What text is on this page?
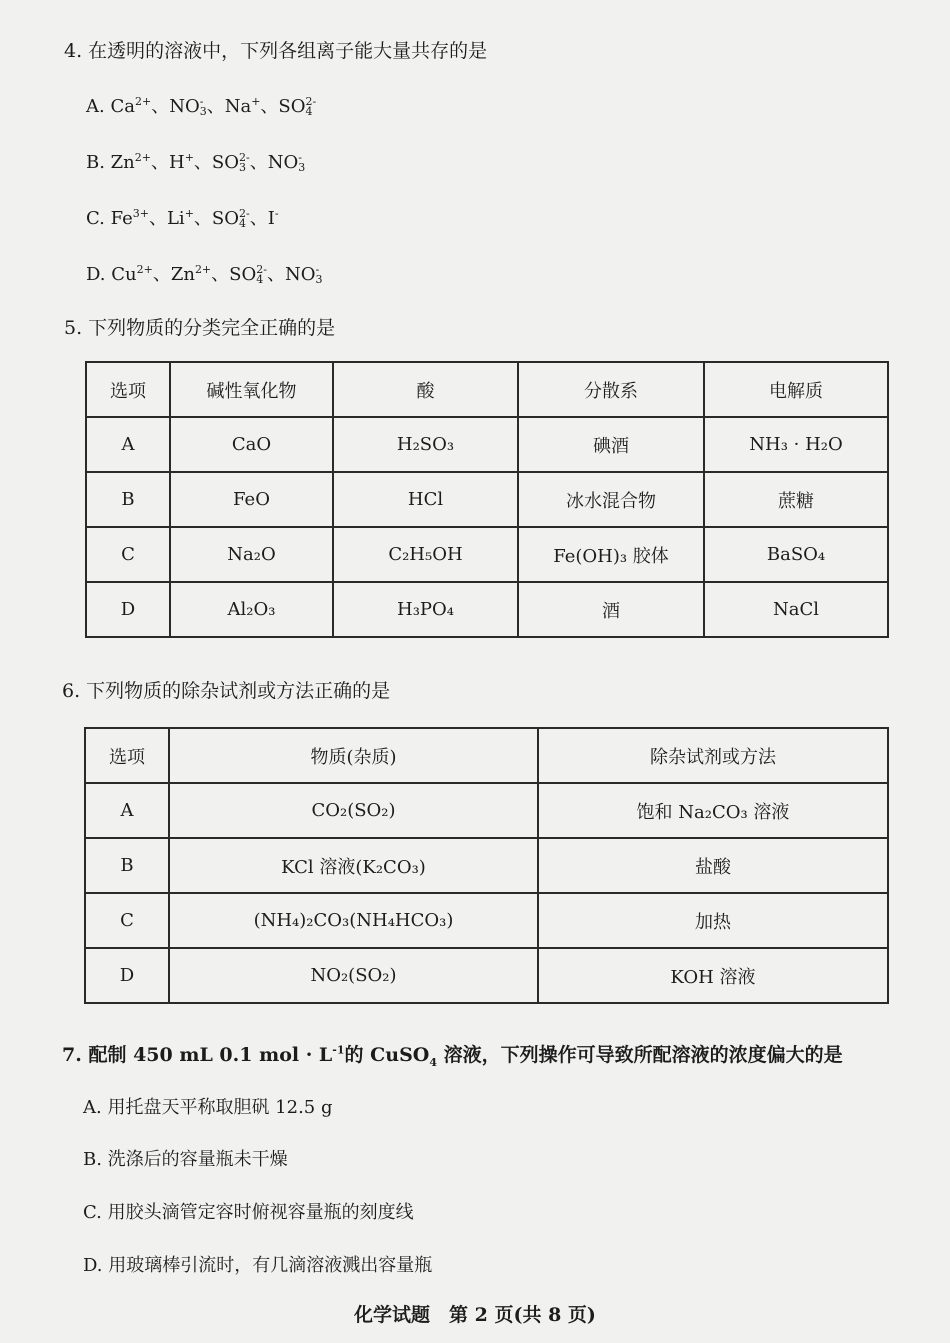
4. 在透明的溶液中，下列各组离子能大量共存的是
A. Ca 2+
、NO -
3 、Na +
、SO 2-
4
B. Zn 2+
、H +
、SO 2-
3 、NO -
3
C. Fe 3+
、Li +
、SO 2-
4 、I -

D. Cu 2+
、Zn 2+
、SO 2-
4 、NO -
3
5. 下列物质的分类完全正确的是
选项	碱性氧化物	酸	分散系	电解质
A	CaO	H₂SO₃	碘酒	NH₃ · H₂O
B	FeO	HCl	冰水混合物	蔗糖
C	Na₂O	C₂H₅OH	Fe(OH)₃ 胶体	BaSO₄
D	Al₂O₃	H₃PO₄	酒	NaCl
6. 下列物质的除杂试剂或方法正确的是
选项	物质(杂质)	除杂试剂或方法
A	CO₂(SO₂)	饱和 Na₂CO₃ 溶液
B	KCl 溶液(K₂CO₃)	盐酸
C	(NH₄)₂CO₃(NH₄HCO₃)	加热
D	NO₂(SO₂)	KOH 溶液
7. 配制 450 mL 0.1 mol · $L^{-1}$的 CuSO$_4$ 溶液，下列操作可导致所配溶液的浓度偏大的是
A. 用托盘天平称取胆矾 12.5 g
B. 洗涤后的容量瓶未干燥
C. 用胶头滴管定容时俯视容量瓶的刻度线
D. 用玻璃棒引流时，有几滴溶液溅出容量瓶
化学试题　第 2 页(共 8 页)
